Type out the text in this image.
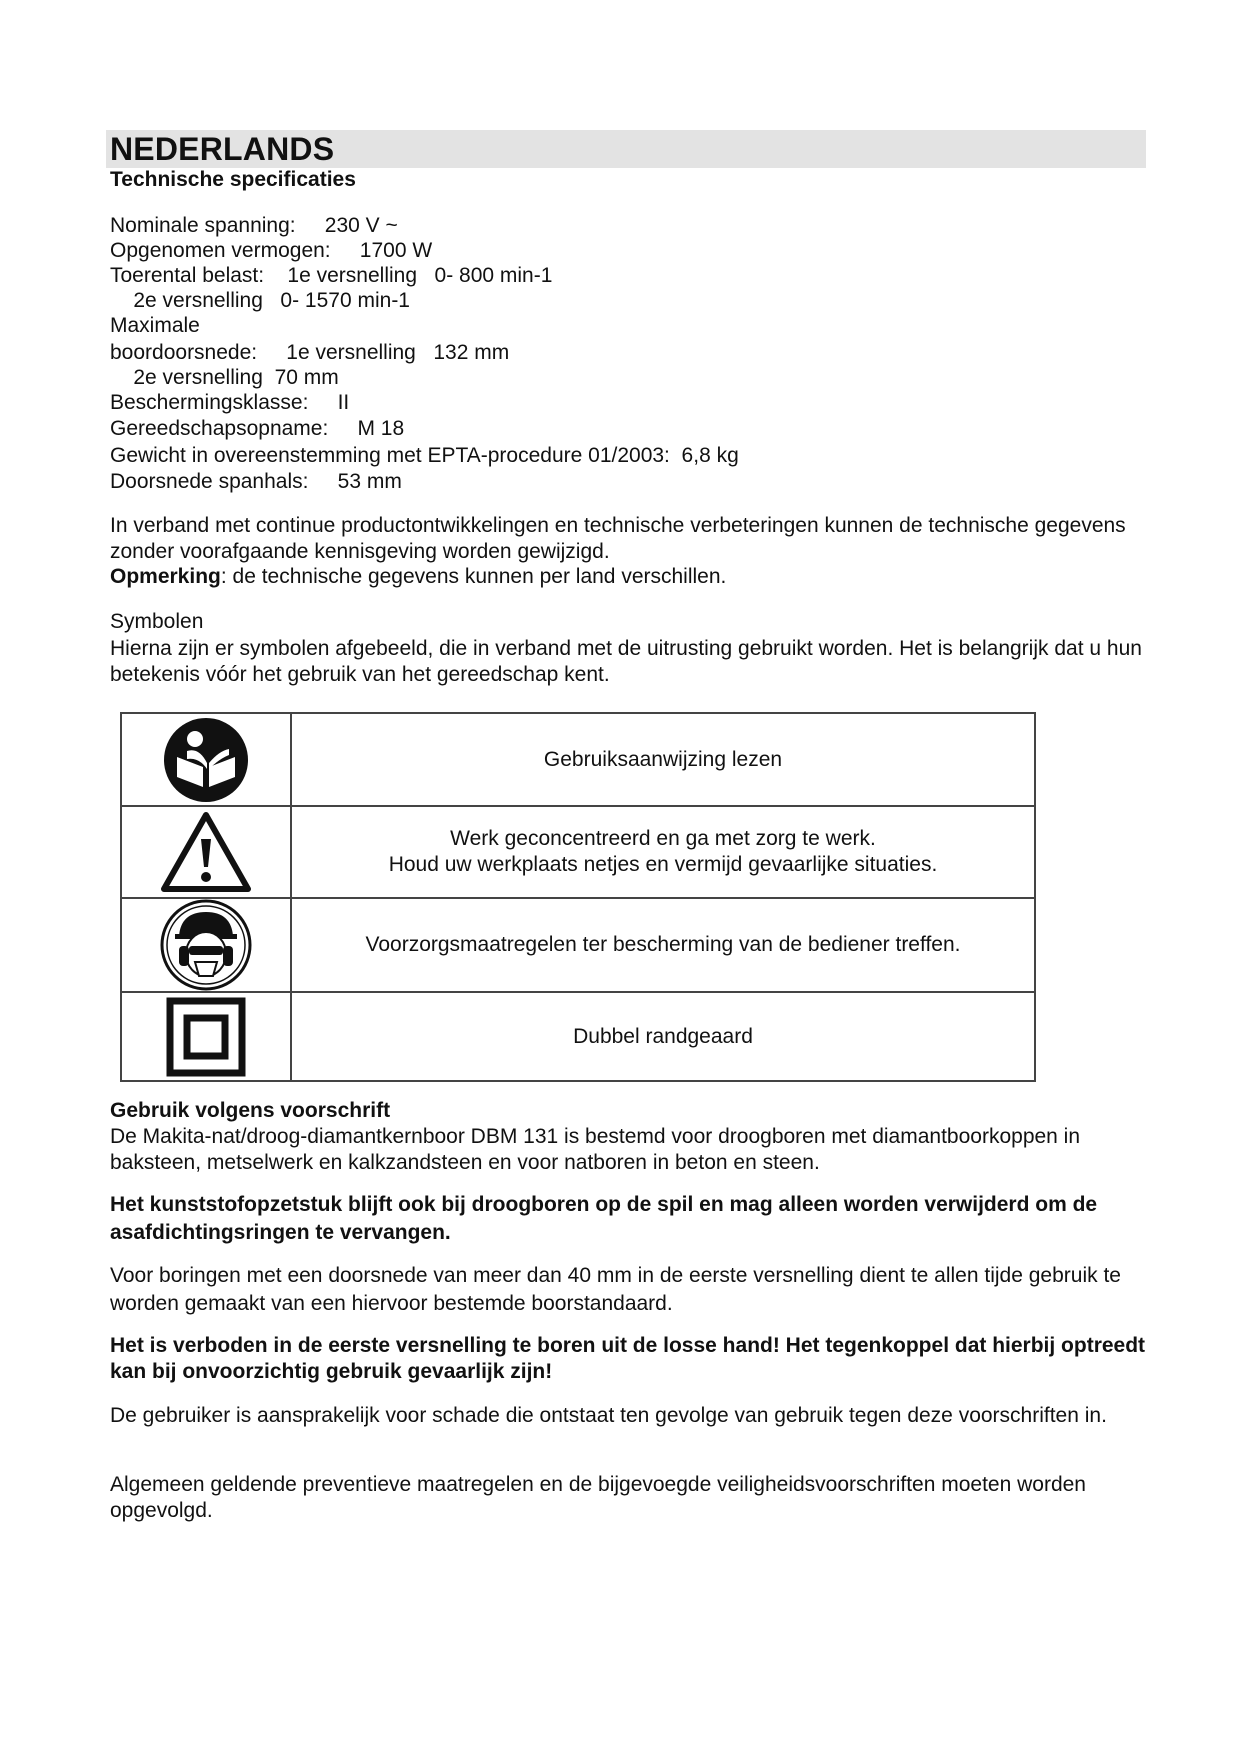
NEDERLANDS
Technische specificaties
Nominale spanning:     230 V ~
Opgenomen vermogen:     1700 W
Toerental belast:    1e versnelling   0- 800 min-1
2e versnelling   0- 1570 min-1
Maximale
boordoorsnede:     1e versnelling   132 mm
2e versnelling  70 mm
Beschermingsklasse:     II
Gereedschapsopname:     M 18
Gewicht in overeenstemming met EPTA-procedure 01/2003:  6,8 kg
Doorsnede spanhals:     53 mm
In verband met continue productontwikkelingen en technische verbeteringen kunnen de technische gegevens zonder voorafgaande kennisgeving worden gewijzigd.
Opmerking: de technische gegevens kunnen per land verschillen.
Symbolen
Hierna zijn er symbolen afgebeeld, die in verband met de uitrusting gebruikt worden. Het is belangrijk dat u hun betekenis vóór het gebruik van het gereedschap kent.
Gebruiksaanwijzing lezen
Werk geconcentreerd en ga met zorg te werk.
Houd uw werkplaats netjes en vermijd gevaarlijke situaties.
Voorzorgsmaatregelen ter bescherming van de bediener treffen.
Dubbel randgeaard
Gebruik volgens voorschrift
De Makita-nat/droog-diamantkernboor DBM 131 is bestemd voor droogboren met diamantboorkoppen in baksteen, metselwerk en kalkzandsteen en voor natboren in beton en steen.
Het kunststofopzetstuk blijft ook bij droogboren op de spil en mag alleen worden verwijderd om de asafdichtingsringen te vervangen.
Voor boringen met een doorsnede van meer dan 40 mm in de eerste versnelling dient te allen tijde gebruik te worden gemaakt van een hiervoor bestemde boorstandaard.
Het is verboden in de eerste versnelling te boren uit de losse hand! Het tegenkoppel dat hierbij optreedt kan bij onvoorzichtig gebruik gevaarlijk zijn!
De gebruiker is aansprakelijk voor schade die ontstaat ten gevolge van gebruik tegen deze voorschriften in.
Algemeen geldende preventieve maatregelen en de bijgevoegde veiligheidsvoorschriften moeten worden opgevolgd.
